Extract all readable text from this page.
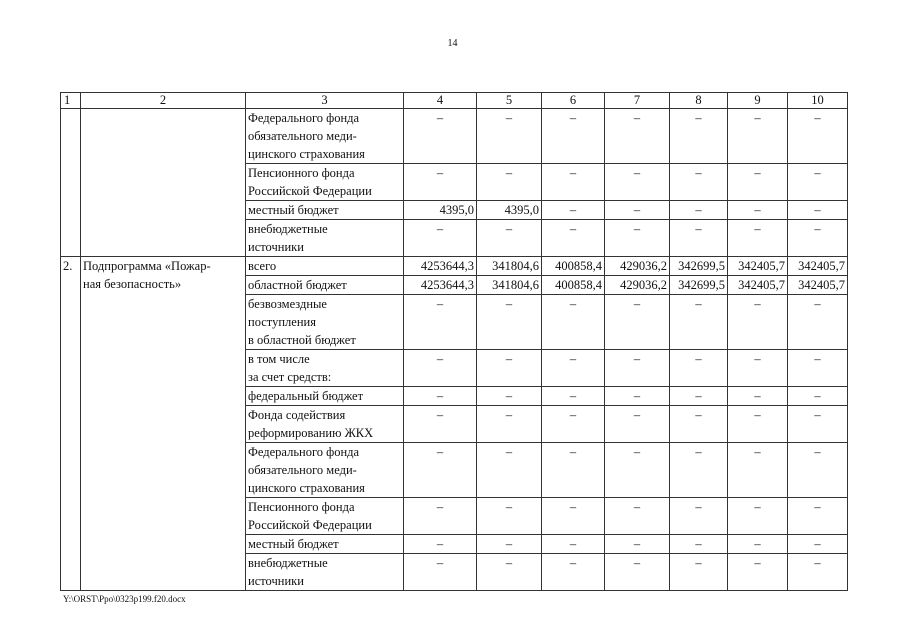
14
1	2	3	4	5	6	7	8	9	10

		Федерального фонда
обязательного меди-
цинского страхования	–	–	–	–	–	–	–

		Пенсионного фонда
Российской Федерации	–	–	–	–	–	–	–
		местный бюджет	4395,0	4395,0	–	–	–	–	–

		внебюджетные
источники	–	–	–	–	–	–	–
2.	Подпрограмма «Пожар-
ная безопасность»	всего	4253644,3	341804,6	400858,4	429036,2	342699,5	342405,7	342405,7
		областной бюджет	4253644,3	341804,6	400858,4	429036,2	342699,5	342405,7	342405,7

		безвозмездные
поступления
в областной бюджет	–	–	–	–	–	–	–

		в том числе
за счет средств:	–	–	–	–	–	–	–
		федеральный бюджет	–	–	–	–	–	–	–

		Фонда содействия
реформированию ЖКХ	–	–	–	–	–	–	–

		Федерального фонда
обязательного меди-
цинского страхования	–	–	–	–	–	–	–

		Пенсионного фонда
Российской Федерации	–	–	–	–	–	–	–
		местный бюджет	–	–	–	–	–	–	–

		внебюджетные
источники	–	–	–	–	–	–	–
Y:\ORST\Ppo\0323p199.f20.docx
